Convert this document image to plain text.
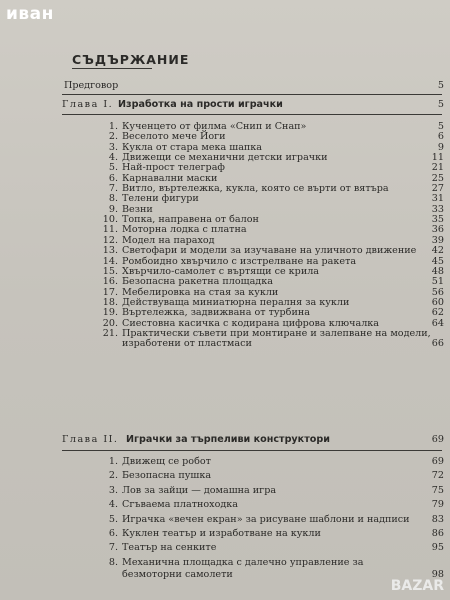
иван
СЪДЪРЖАНИЕ
Предговор	5
Глава I. Изработка на прости играчки	5
1. Кученцето от филма «Снип и Снап»	5
2. Веселото мече Йоги	6
3. Кукла от стара мека шапка	9
4. Движещи се механични детски играчки	11
5. Най-прост телеграф	21
6. Карнавални маски	25
7. Витло, въртележка, кукла, която се върти от вятъра	27
8. Телени фигури	31
9. Везни	33
10. Топка, направена от балон	35
11. Моторна лодка с платна	36
12. Модел на параход	39
13. Светофари и модели за изучаване на уличното движение	42
14. Ромбоидно хвърчило с изстрелване на ракета	45
15. Хвърчило-самолет с въртящи се крила	48
16. Безопасна ракетна площадка	51
17. Мебелировка на стая за кукли	56
18. Действуваща миниатюрна пералня за кукли	60
19. Въртележка, задвижвана от турбина	62
20. Сиестовна касичка с кодирана цифрова ключалка	64
21. Практически съвети при монтиране и залепване на модели,
изработени от пластмаси	66
Глава II. Играчки за търпеливи конструктори	69
1. Движещ се робот	69
2. Безопасна пушка	72
3. Лов за зайци — домашна игра	75
4. Сгъваема платноходка	79
5. Играчка «вечен екран» за рисуване шаблони и надписи	83
6. Куклен театър и изработване на кукли	86
7. Театър на сенките	95
8. Механична площадка с далечно управление за
безмоторни самолети	98
BAZAR
